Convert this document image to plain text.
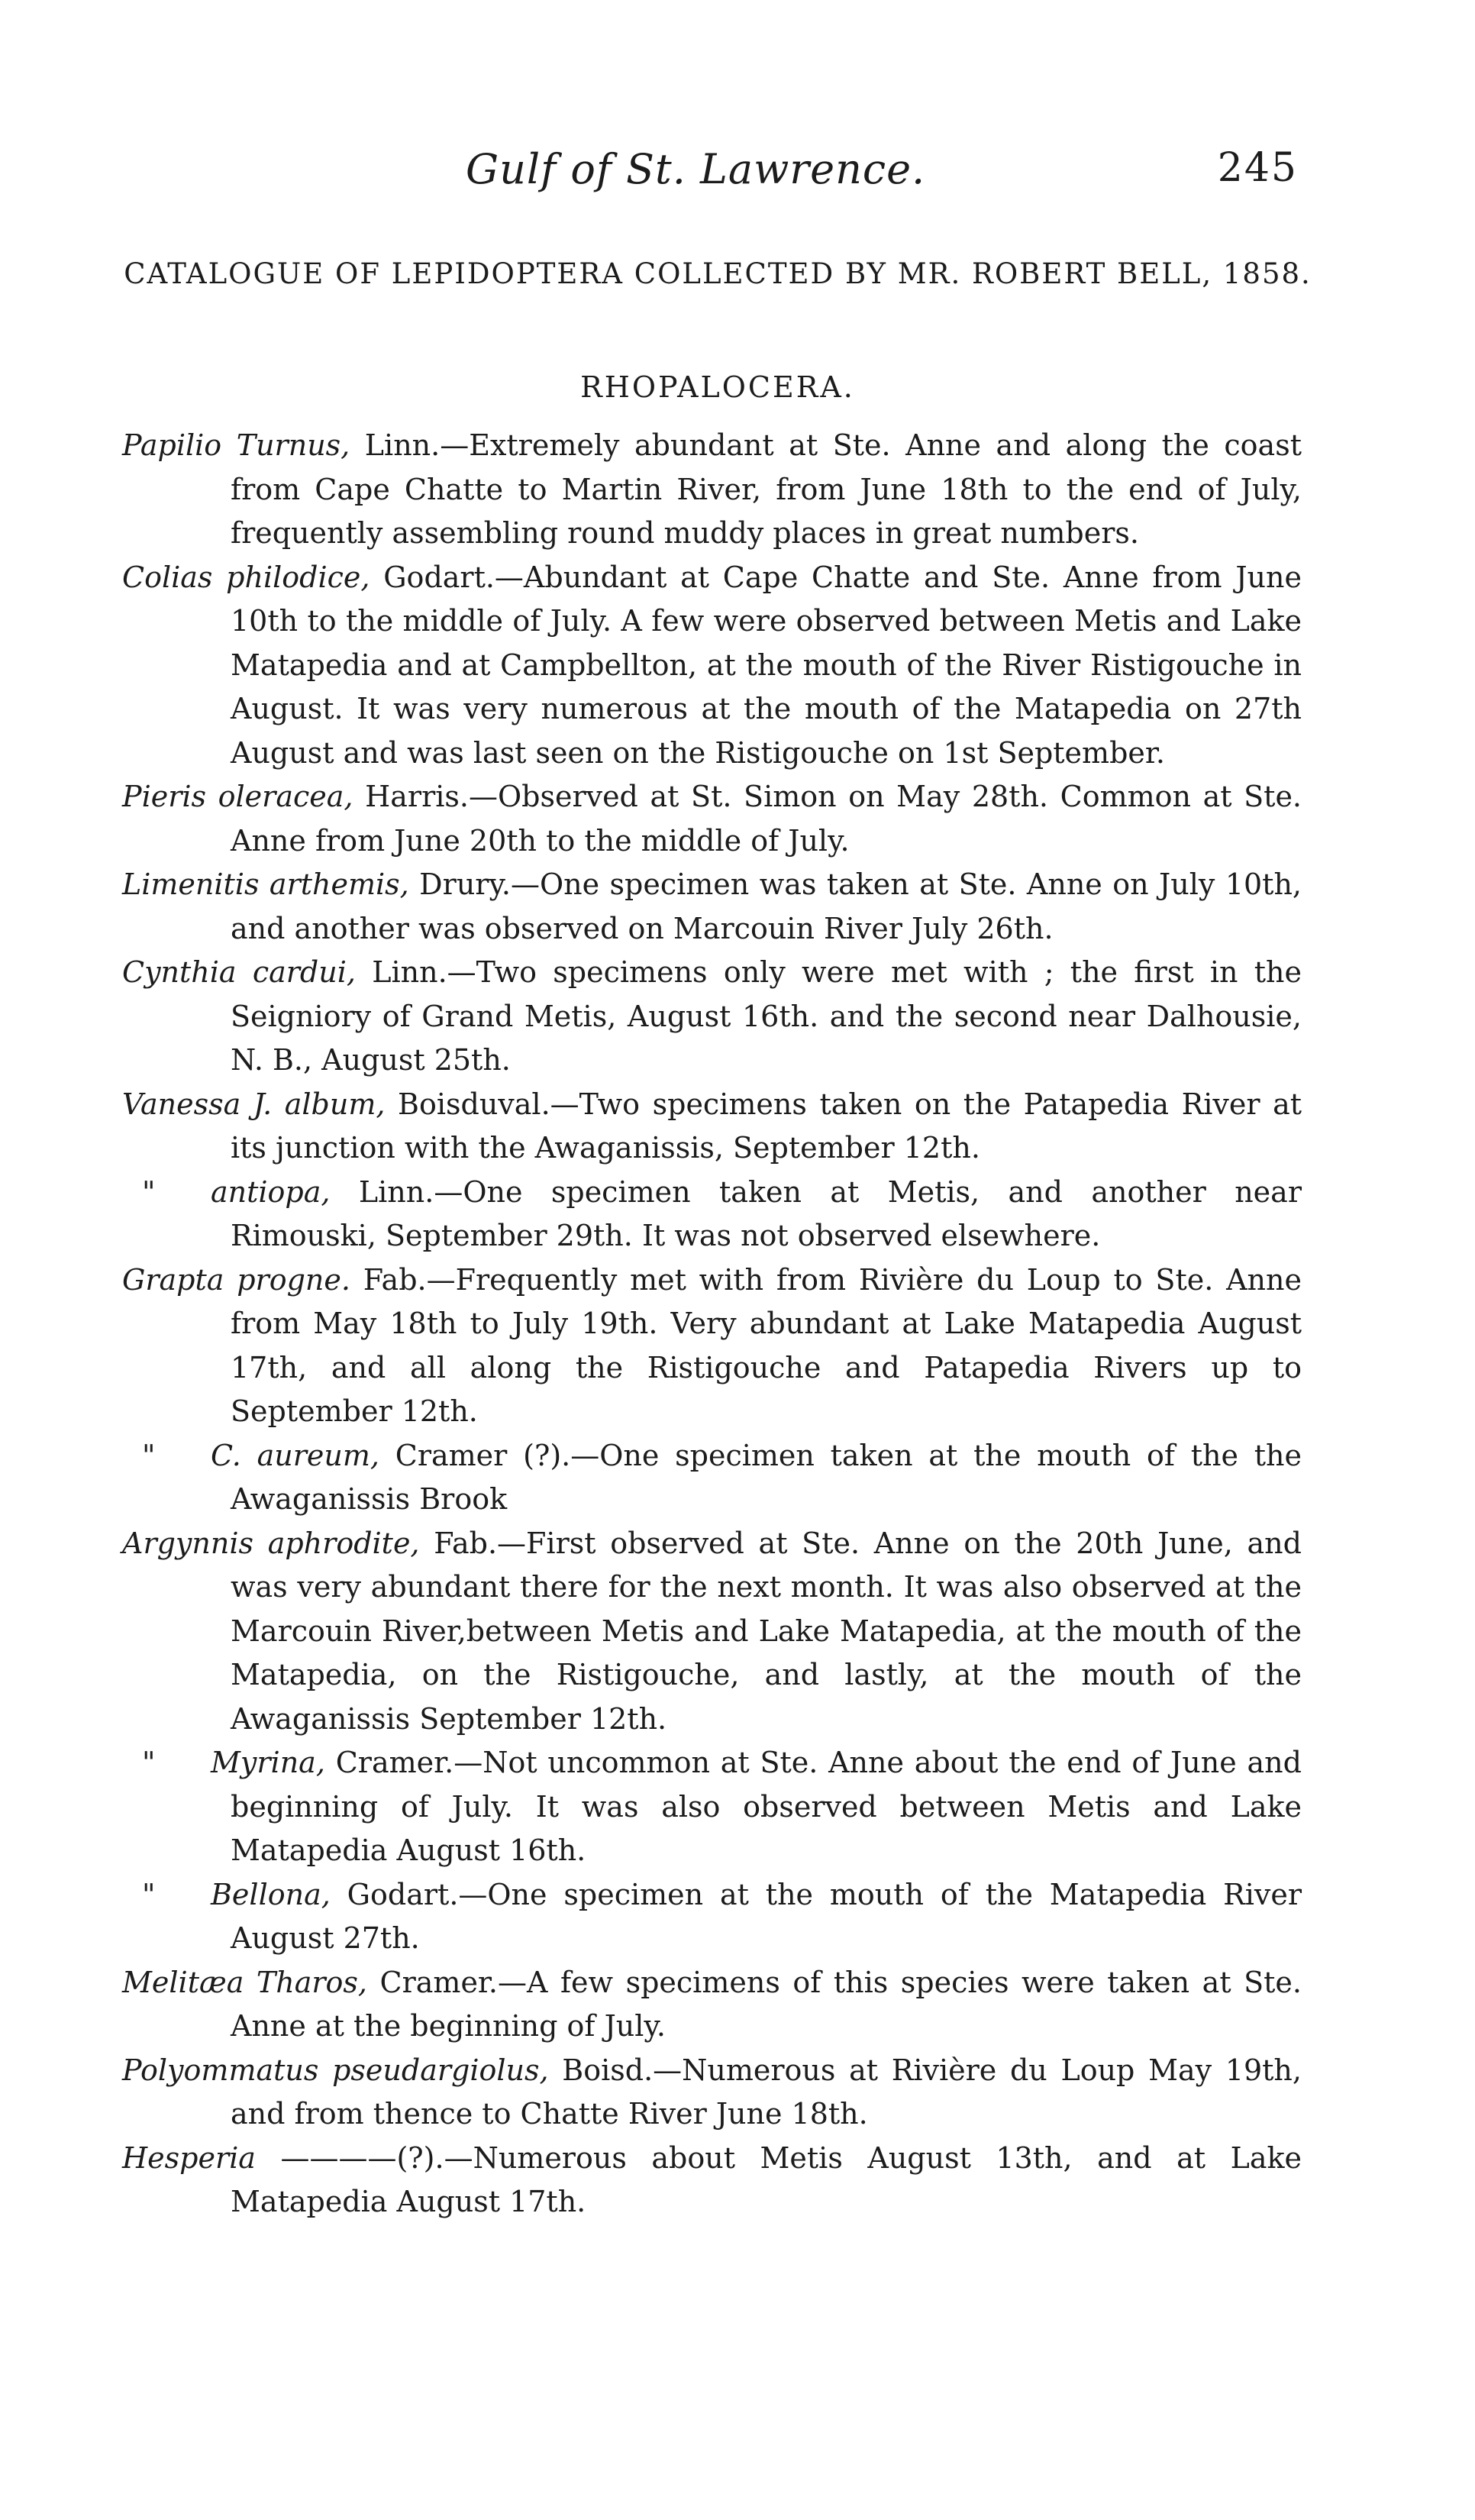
Gulf of St. Lawrence.	245
CATALOGUE OF LEPIDOPTERA COLLECTED BY MR. ROBERT BELL, 1858.
RHOPALOCERA.

Papilio Turnus, Linn.—Extremely abundant at Ste. Anne and along the coast from Cape Chatte to Martin River, from June 18th to the end of July, frequently assembling round muddy places in great numbers.

Colias philodice, Godart.—Abundant at Cape Chatte and Ste. Anne from June 10th to the middle of July. A few were observed between Metis and Lake Matapedia and at Campbellton, at the mouth of the River Ristigouche in August. It was very numerous at the mouth of the Matapedia on 27th August and was last seen on the Ristigouche on 1st September.

Pieris oleracea, Harris.—Observed at St. Simon on May 28th. Common at Ste. Anne from June 20th to the middle of July.

Limenitis arthemis, Drury.—One specimen was taken at Ste. Anne on July 10th, and another was observed on Marcouin River July 26th.

Cynthia cardui, Linn.—Two specimens only were met with ; the first in the Seigniory of Grand Metis, August 16th. and the second near Dalhousie, N. B., August 25th.

Vanessa J. album, Boisduval.—Two specimens taken on the Patapedia River at its junction with the Awaganissis, September 12th.

" antiopa, Linn.—One specimen taken at Metis, and another near Rimouski, September 29th. It was not observed elsewhere.

Grapta progne. Fab.—Frequently met with from Rivière du Loup to Ste. Anne from May 18th to July 19th. Very abundant at Lake Matapedia August 17th, and all along the Ristigouche and Patapedia Rivers up to September 12th.

" C. aureum, Cramer (?).—One specimen taken at the mouth of the the Awaganissis Brook

Argynnis aphrodite, Fab.—First observed at Ste. Anne on the 20th June, and was very abundant there for the next month. It was also observed at the Marcouin River,between Metis and Lake Matapedia, at the mouth of the Matapedia, on the Ristigouche, and lastly, at the mouth of the Awaganissis September 12th.

" Myrina, Cramer.—Not uncommon at Ste. Anne about the end of June and beginning of July. It was also observed between Metis and Lake Matapedia August 16th.

" Bellona, Godart.—One specimen at the mouth of the Matapedia River August 27th.

Melitæa Tharos, Cramer.—A few specimens of this species were taken at Ste. Anne at the beginning of July.

Polyommatus pseudargiolus, Boisd.—Numerous at Rivière du Loup May 19th, and from thence to Chatte River June 18th.

Hesperia ————(?).—Numerous about Metis August 13th, and at Lake Matapedia August 17th.
